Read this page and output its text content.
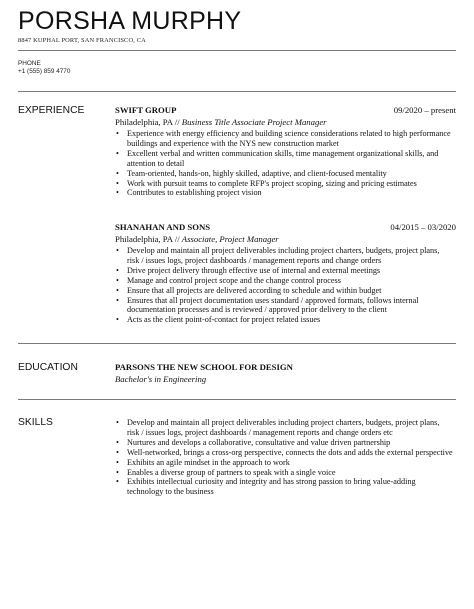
PORSHA MURPHY
8847 KUPHAL PORT, SAN FRANCISCO, CA
PHONE
+1 (555) 859 4770
EXPERIENCE	SWIFT GROUP	09/2020 – present
Philadelphia, PA // Business Title Associate Project Manager
• Experience with energy efficiency and building science considerations related to high performance buildings and experience with the NYS new construction market
• Excellent verbal and written communication skills, time management organizational skills, and attention to detail
• Team-oriented, hands-on, highly skilled, adaptive, and client-focused mentality
• Work with pursuit teams to complete RFP's project scoping, sizing and pricing estimates
• Contributes to establishing project vision
SHANAHAN AND SONS	04/2015 – 03/2020
Philadelphia, PA // Associate, Project Manager
• Develop and maintain all project deliverables including project charters, budgets, project plans, risk / issues logs, project dashboards / management reports and change orders
• Drive project delivery through effective use of internal and external meetings
• Manage and control project scope and the change control process
• Ensure that all projects are delivered according to schedule and within budget
• Ensures that all project documentation uses standard / approved formats, follows internal documentation processes and is reviewed / approved prior delivery to the client
• Acts as the client point-of-contact for project related issues
EDUCATION	PARSONS THE NEW SCHOOL FOR DESIGN
Bachelor's in Engineering
SKILLS
•	Develop and maintain all project deliverables including project charters, budgets, project plans, risk / issues logs, project dashboards / management reports and change orders etc
• Nurtures and develops a collaborative, consultative and value driven partnership
• Well-networked, brings a cross-org perspective, connects the dots and adds the external perspective
• Exhibits an agile mindset in the approach to work
• Enables a diverse group of partners to speak with a single voice
• Exhibits intellectual curiosity and integrity and has strong passion to bring value-adding technology to the business
